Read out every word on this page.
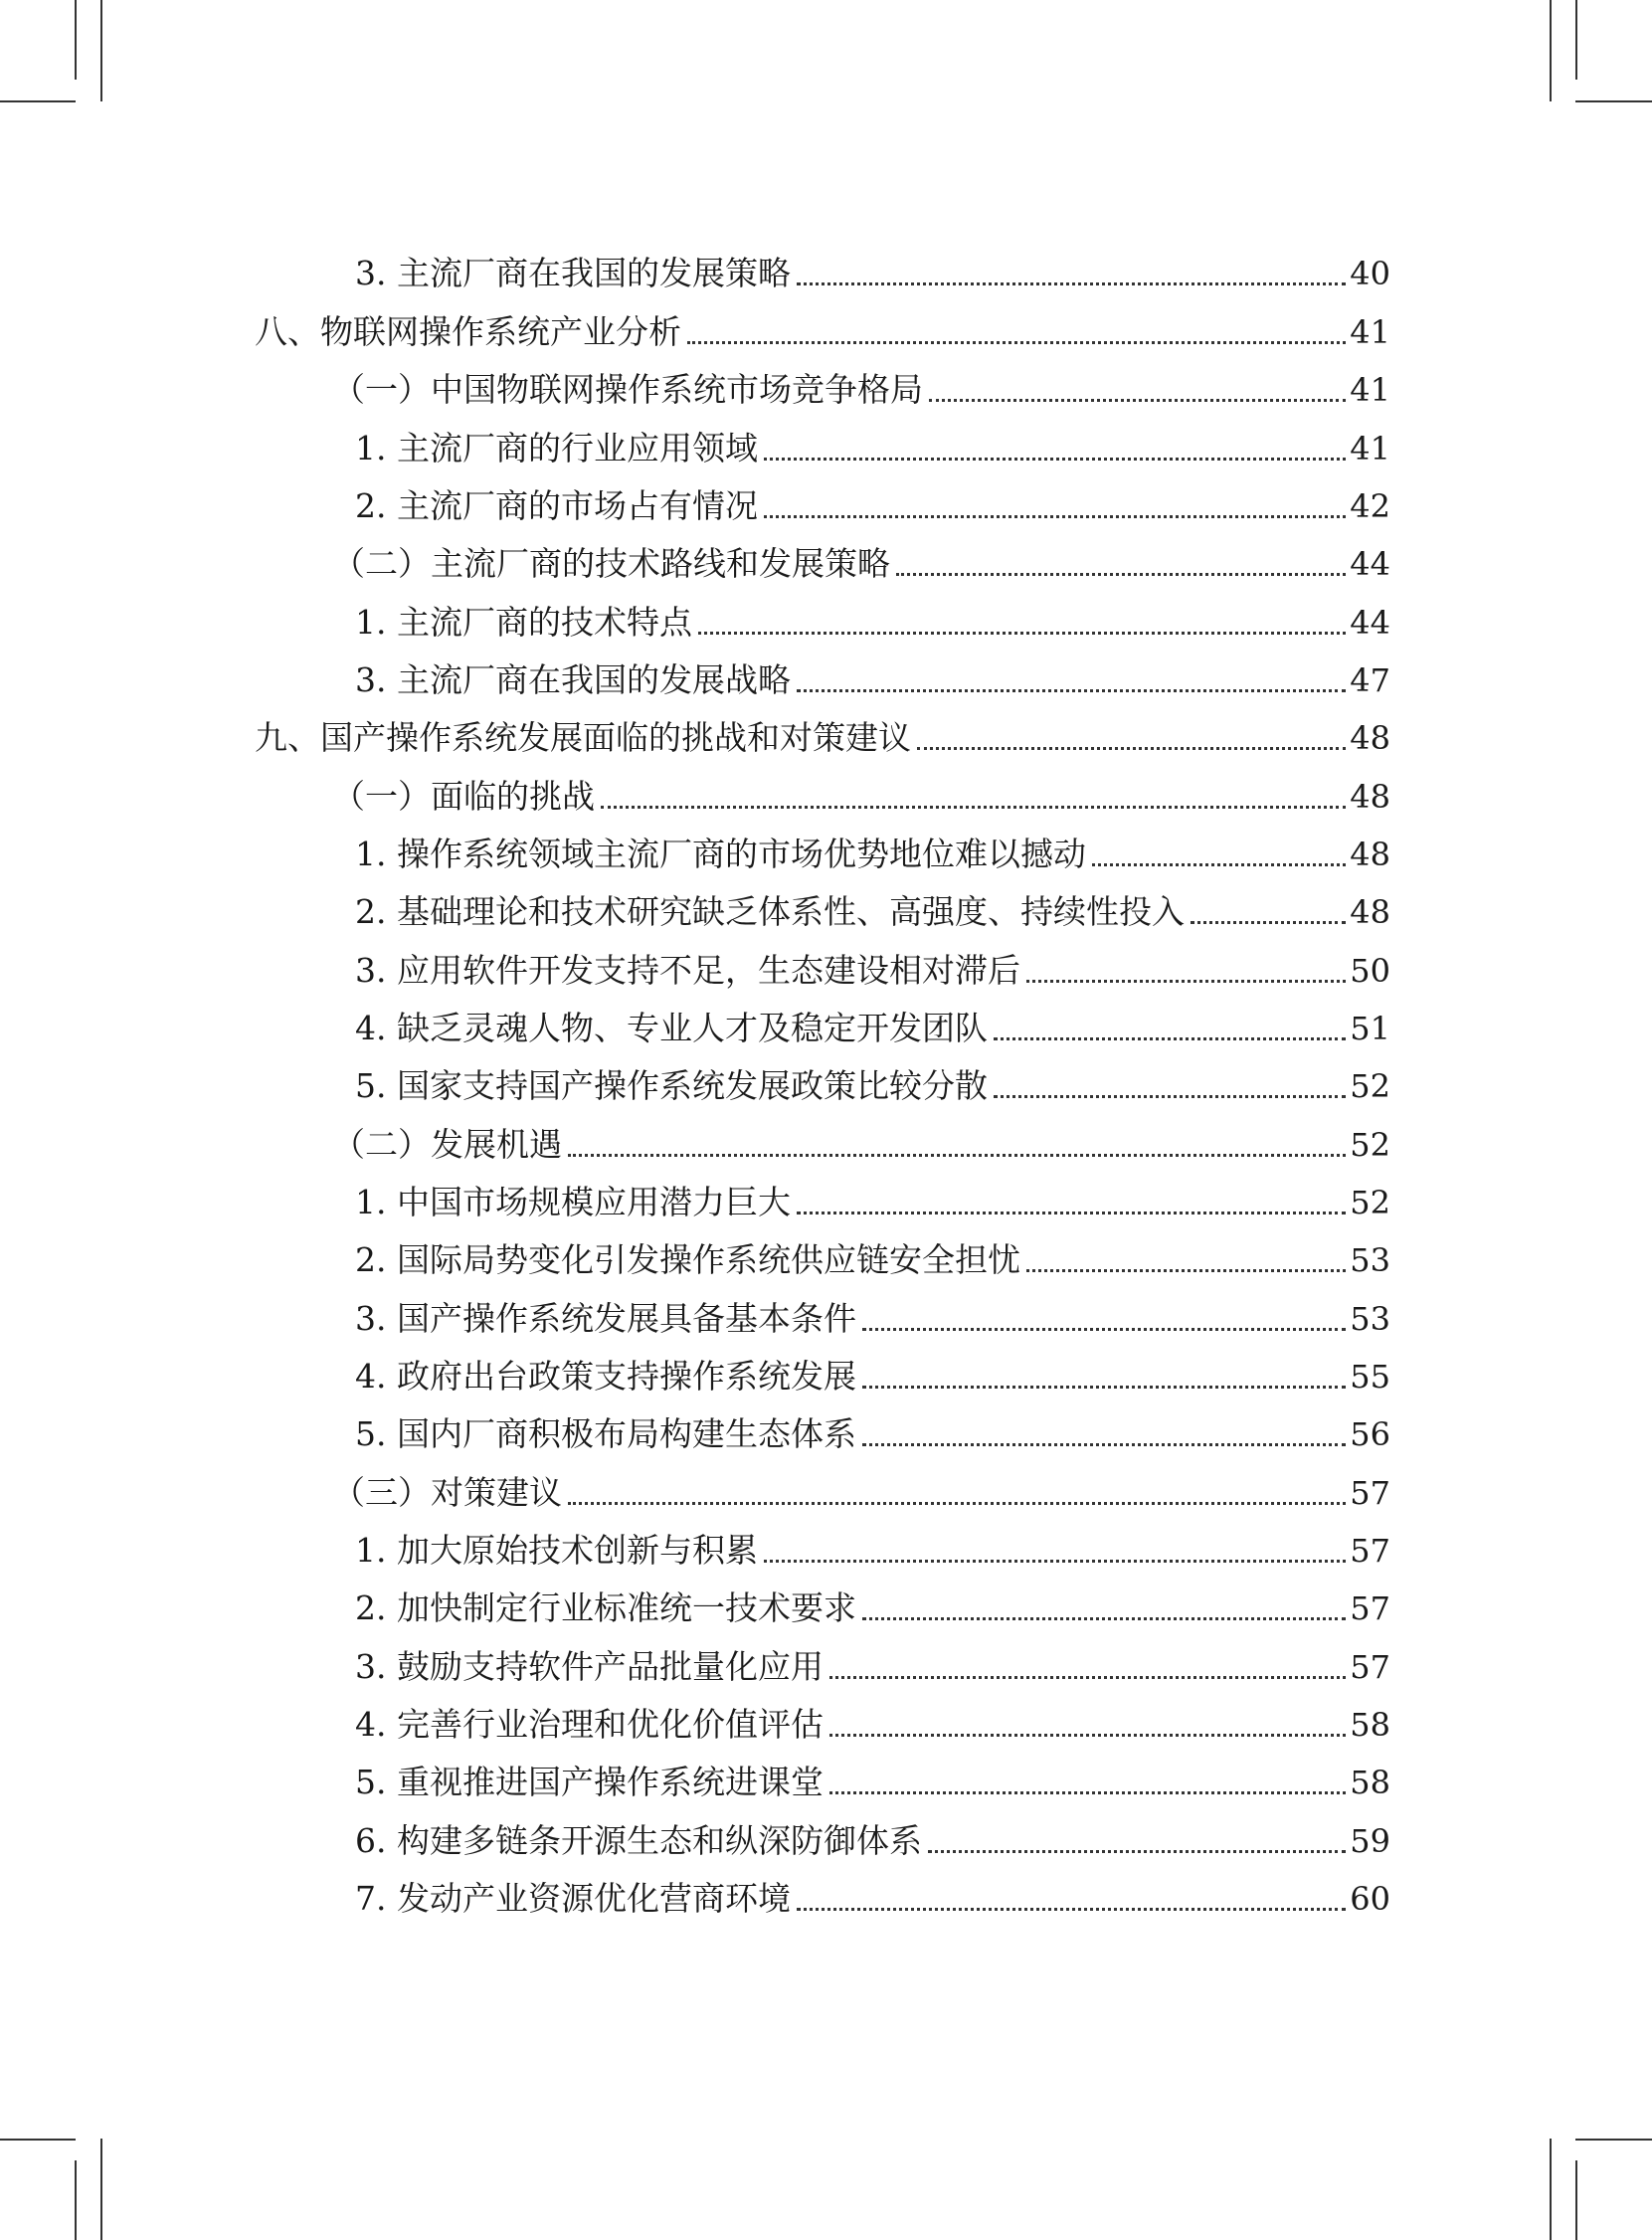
3. 主流厂商在我国的发展策略	40
八、物联网操作系统产业分析	41
（一）中国物联网操作系统市场竞争格局	41
1. 主流厂商的行业应用领域	41
2. 主流厂商的市场占有情况	42
（二）主流厂商的技术路线和发展策略	44
1. 主流厂商的技术特点	44
3. 主流厂商在我国的发展战略	47
九、国产操作系统发展面临的挑战和对策建议	48
（一）面临的挑战	48
1. 操作系统领域主流厂商的市场优势地位难以撼动	48
2. 基础理论和技术研究缺乏体系性、高强度、持续性投入	48
3. 应用软件开发支持不足，生态建设相对滞后	50
4. 缺乏灵魂人物、专业人才及稳定开发团队	51
5. 国家支持国产操作系统发展政策比较分散	52
（二）发展机遇	52
1. 中国市场规模应用潜力巨大	52
2. 国际局势变化引发操作系统供应链安全担忧	53
3. 国产操作系统发展具备基本条件	53
4. 政府出台政策支持操作系统发展	55
5. 国内厂商积极布局构建生态体系	56
（三）对策建议	57
1. 加大原始技术创新与积累	57
2. 加快制定行业标准统一技术要求	57
3. 鼓励支持软件产品批量化应用	57
4. 完善行业治理和优化价值评估	58
5. 重视推进国产操作系统进课堂	58
6. 构建多链条开源生态和纵深防御体系	59
7. 发动产业资源优化营商环境	60
